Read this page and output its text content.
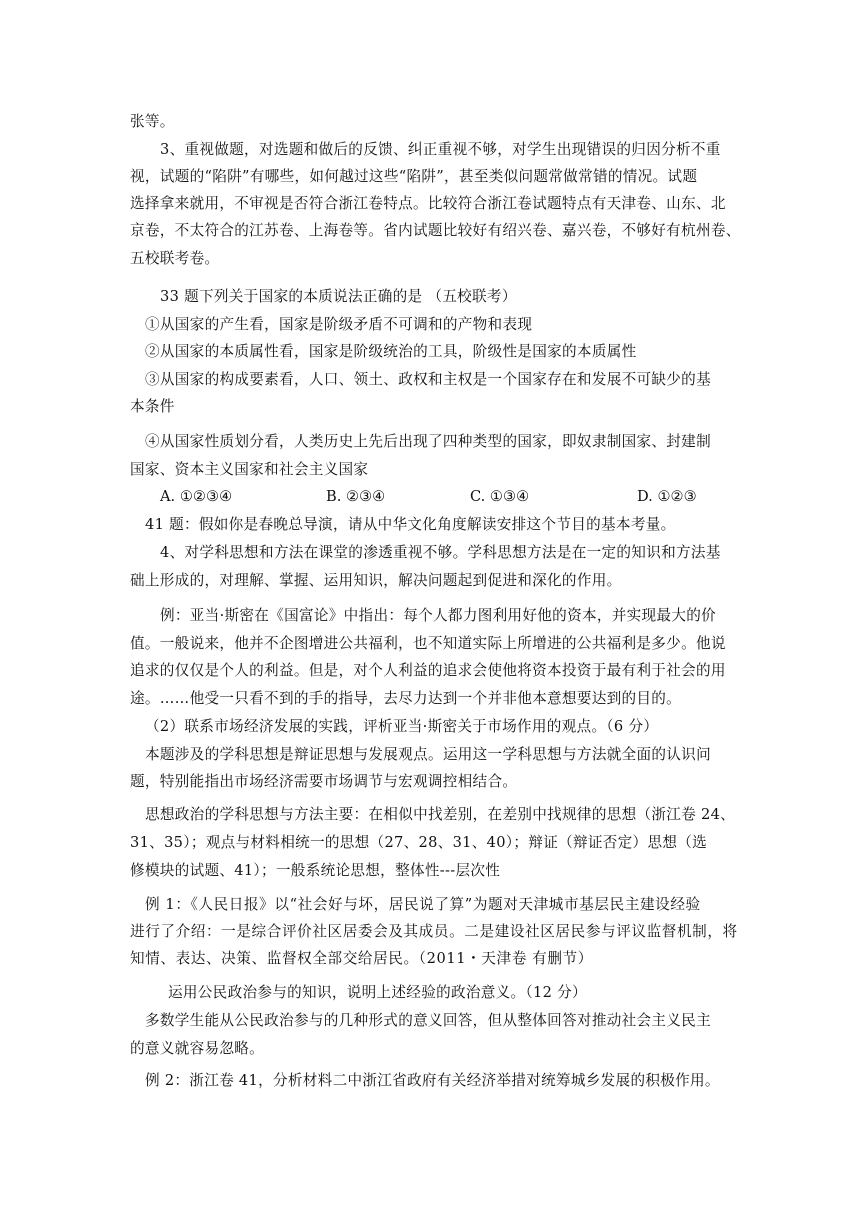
张等。
3、重视做题，对选题和做后的反馈、纠正重视不够，对学生出现错误的归因分析不重
视，试题的“陷阱”有哪些，如何越过这些“陷阱”，甚至类似问题常做常错的情况。试题
选择拿来就用，不审视是否符合浙江卷特点。比较符合浙江卷试题特点有天津卷、山东、北
京卷，不太符合的江苏卷、上海卷等。省内试题比较好有绍兴卷、嘉兴卷，不够好有杭州卷、
五校联考卷。
33 题下列关于国家的本质说法正确的是 （五校联考）
①从国家的产生看，国家是阶级矛盾不可调和的产物和表现
②从国家的本质属性看，国家是阶级统治的工具，阶级性是国家的本质属性
③从国家的构成要素看，人口、领土、政权和主权是一个国家存在和发展不可缺少的基
本条件
④从国家性质划分看，人类历史上先后出现了四种类型的国家，即奴隶制国家、封建制
国家、资本主义国家和社会主义国家
A. ①②③④	B. ②③④	C. ①③④	D. ①②③
41 题：假如你是春晚总导演，请从中华文化角度解读安排这个节目的基本考量。
4、对学科思想和方法在课堂的渗透重视不够。学科思想方法是在一定的知识和方法基
础上形成的，对理解、掌握、运用知识，解决问题起到促进和深化的作用。
例：亚当·斯密在《国富论》中指出：每个人都力图利用好他的资本，并实现最大的价
值。一般说来，他并不企图增进公共福利，也不知道实际上所增进的公共福利是多少。他说
追求的仅仅是个人的利益。但是，对个人利益的追求会使他将资本投资于最有利于社会的用
途。……他受一只看不到的手的指导，去尽力达到一个并非他本意想要达到的目的。
（2）联系市场经济发展的实践，评析亚当·斯密关于市场作用的观点。（6 分）
本题涉及的学科思想是辩证思想与发展观点。运用这一学科思想与方法就全面的认识问
题，特别能指出市场经济需要市场调节与宏观调控相结合。
思想政治的学科思想与方法主要：在相似中找差别，在差别中找规律的思想（浙江卷 24、
31、35）；观点与材料相统一的思想（27、28、31、40）；辩证（辩证否定）思想（选
修模块的试题、41）；一般系统论思想，整体性---层次性
例 1：《人民日报》以“社会好与坏，居民说了算”为题对天津城市基层民主建设经验
进行了介绍：一是综合评价社区居委会及其成员。二是建设社区居民参与评议监督机制，将
知情、表达、决策、监督权全部交给居民。（2011・天津卷 有删节）
运用公民政治参与的知识，说明上述经验的政治意义。（12 分）
多数学生能从公民政治参与的几种形式的意义回答，但从整体回答对推动社会主义民主
的意义就容易忽略。
例 2：浙江卷 41，分析材料二中浙江省政府有关经济举措对统筹城乡发展的积极作用。
